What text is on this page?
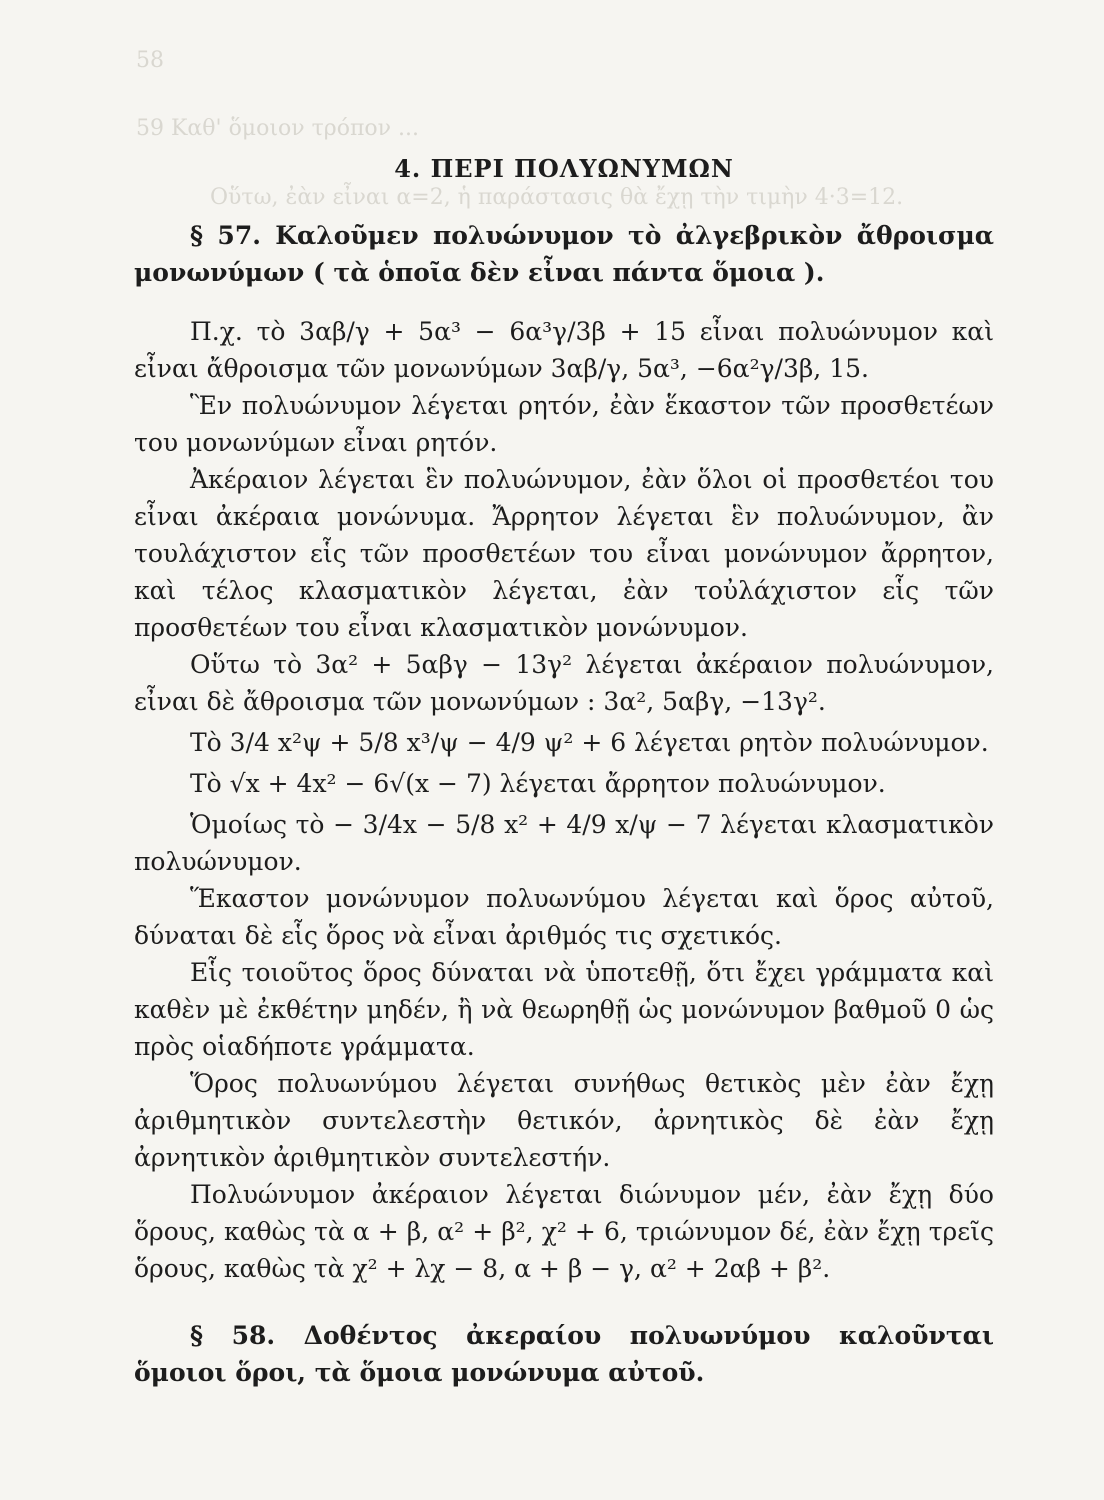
58
59 Καθ' ὅμοιον τρόπον ...
Οὕτω, ἐὰν εἶναι α=2, ἡ παράστασις θὰ ἔχῃ τὴν τιμὴν 4·3=12.
4. ΠΕΡΙ ΠΟΛΥΩΝΥΜΩΝ

§ 57. Καλοῦμεν πολυώνυμον τὸ ἀλγεβρικὸν ἄθροισμα μονωνύμων ( τὰ ὁποῖα δὲν εἶναι πάντα ὅμοια ).

Π.χ. τὸ 3αβ/γ + 5α³ − 6α³γ/3β + 15 εἶναι πολυώνυμον καὶ εἶναι ἄθροισμα τῶν μονωνύμων 3αβ/γ, 5α³, −6α²γ/3β, 15.

Ἓν πολυώνυμον λέγεται ρητόν, ἐὰν ἕκαστον τῶν προσθετέων του μονωνύμων εἶναι ρητόν.

Ἀκέραιον λέγεται ἓν πολυώνυμον, ἐὰν ὅλοι οἱ προσθετέοι του εἶναι ἀκέραια μονώνυμα. Ἄρρητον λέγεται ἓν πολυώνυμον, ἂν τουλάχιστον εἷς τῶν προσθετέων του εἶναι μονώνυμον ἄρρητον, καὶ τέλος κλασματικὸν λέγεται, ἐὰν τοὐλάχιστον εἷς τῶν προσθετέων του εἶναι κλασματικὸν μονώνυμον.

Οὕτω τὸ 3α² + 5αβγ − 13γ² λέγεται ἀκέραιον πολυώνυμον, εἶναι δὲ ἄθροισμα τῶν μονωνύμων : 3α², 5αβγ, −13γ².

Τὸ 3/4 x²ψ + 5/8 x³/ψ − 4/9 ψ² + 6 λέγεται ρητὸν πολυώνυμον.
Τὸ √x + 4x² − 6√(x − 7) λέγεται ἄρρητον πολυώνυμον.

Ὁμοίως τὸ − 3/4x − 5/8 x² + 4/9 x/ψ − 7 λέγεται κλασματικὸν πολυώνυμον.

Ἕκαστον μονώνυμον πολυωνύμου λέγεται καὶ ὅρος αὐτοῦ, δύναται δὲ εἷς ὅρος νὰ εἶναι ἀριθμός τις σχετικός.

Εἷς τοιοῦτος ὅρος δύναται νὰ ὑποτεθῇ, ὅτι ἔχει γράμματα καὶ καθὲν μὲ ἐκθέτην μηδέν, ἢ νὰ θεωρηθῇ ὡς μονώνυμον βαθμοῦ 0 ὡς πρὸς οἱαδήποτε γράμματα.

Ὅρος πολυωνύμου λέγεται συνήθως θετικὸς μὲν ἐὰν ἔχῃ ἀριθμητικὸν συντελεστὴν θετικόν, ἀρνητικὸς δὲ ἐὰν ἔχῃ ἀρνητικὸν ἀριθμητικὸν συντελεστήν.

Πολυώνυμον ἀκέραιον λέγεται διώνυμον μέν, ἐὰν ἔχῃ δύο ὅρους, καθὼς τὰ α + β, α² + β², χ² + 6, τριώνυμον δέ, ἐὰν ἔχῃ τρεῖς ὅρους, καθὼς τὰ χ² + λχ − 8, α + β − γ, α² + 2αβ + β².

§ 58. Δοθέντος ἀκεραίου πολυωνύμου καλοῦνται ὅμοιοι ὅροι, τὰ ὅμοια μονώνυμα αὐτοῦ.
